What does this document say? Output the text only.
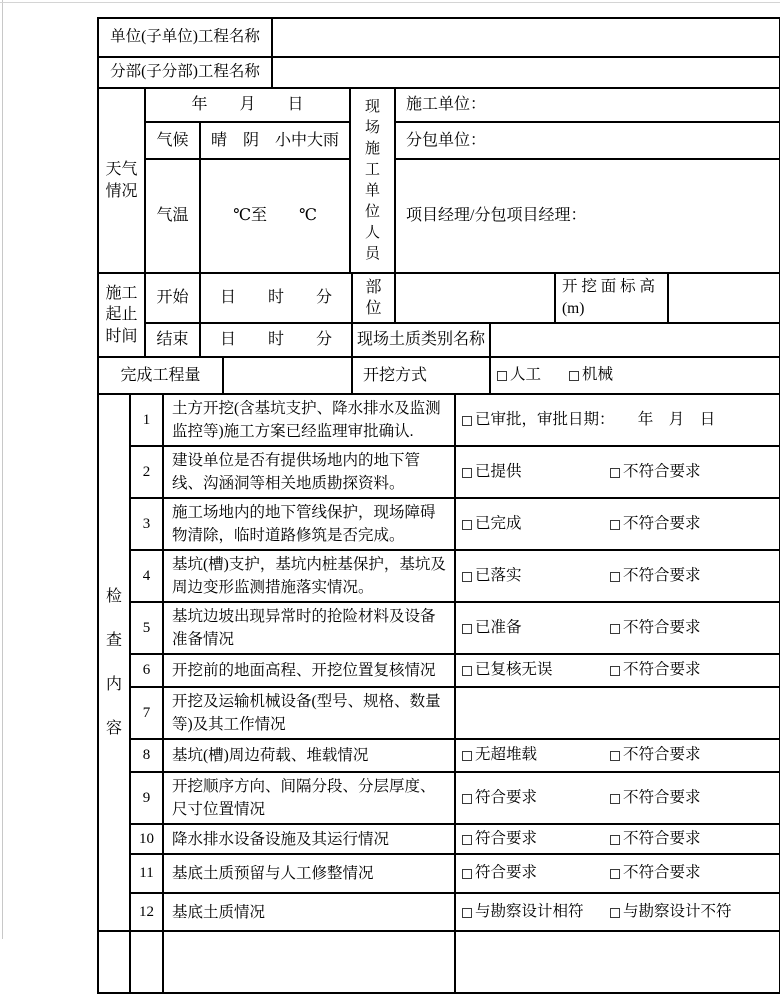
单位(子单位)工程名称	
分部(子分部)工程名称	
天气情况	年        月        日		现场施工单位人员	施工单位：
	气候	晴    阴    小中大雨		分包单位：
	气温	℃至        ℃		项目经理/分包项目经理：
施工起止时间	开始	日        时        分	部位			开 挖 面 标 高 (m)	
	结束	日        时        分	现场土质类别名称				
完成工程量		开挖方式	人工	机械
检查内容	1	土方开挖(含基坑支护、降水排水及监测监控等)施工方案已经监理审批确认.	已审批，审批日期：      年    月    日

	2	建设单位是否有提供场地内的地下管线、沟涵洞等相关地质勘探资料。	已提供 不符合要求

	3	施工场地内的地下管线保护，现场障碍物清除，临时道路修筑是否完成。	已完成 不符合要求

	4	基坑(槽)支护，基坑内桩基保护，基坑及周边变形监测措施落实情况。	已落实 不符合要求

	5	基坑边坡出现异常时的抢险材料及设备准备情况	已准备 不符合要求

	6	开挖前的地面高程、开挖位置复核情况	已复核无误 不符合要求

	7	开挖及运输机械设备(型号、规格、数量等)及其工作情况	
	8	基坑(槽)周边荷载、堆载情况	无超堆载 不符合要求

	9	开挖顺序方向、间隔分段、分层厚度、尺寸位置情况	符合要求 不符合要求

	10	降水排水设备设施及其运行情况	符合要求 不符合要求

	11	基底土质预留与人工修整情况	符合要求 不符合要求

	12	基底土质情况	与勘察设计相符 与勘察设计不符
